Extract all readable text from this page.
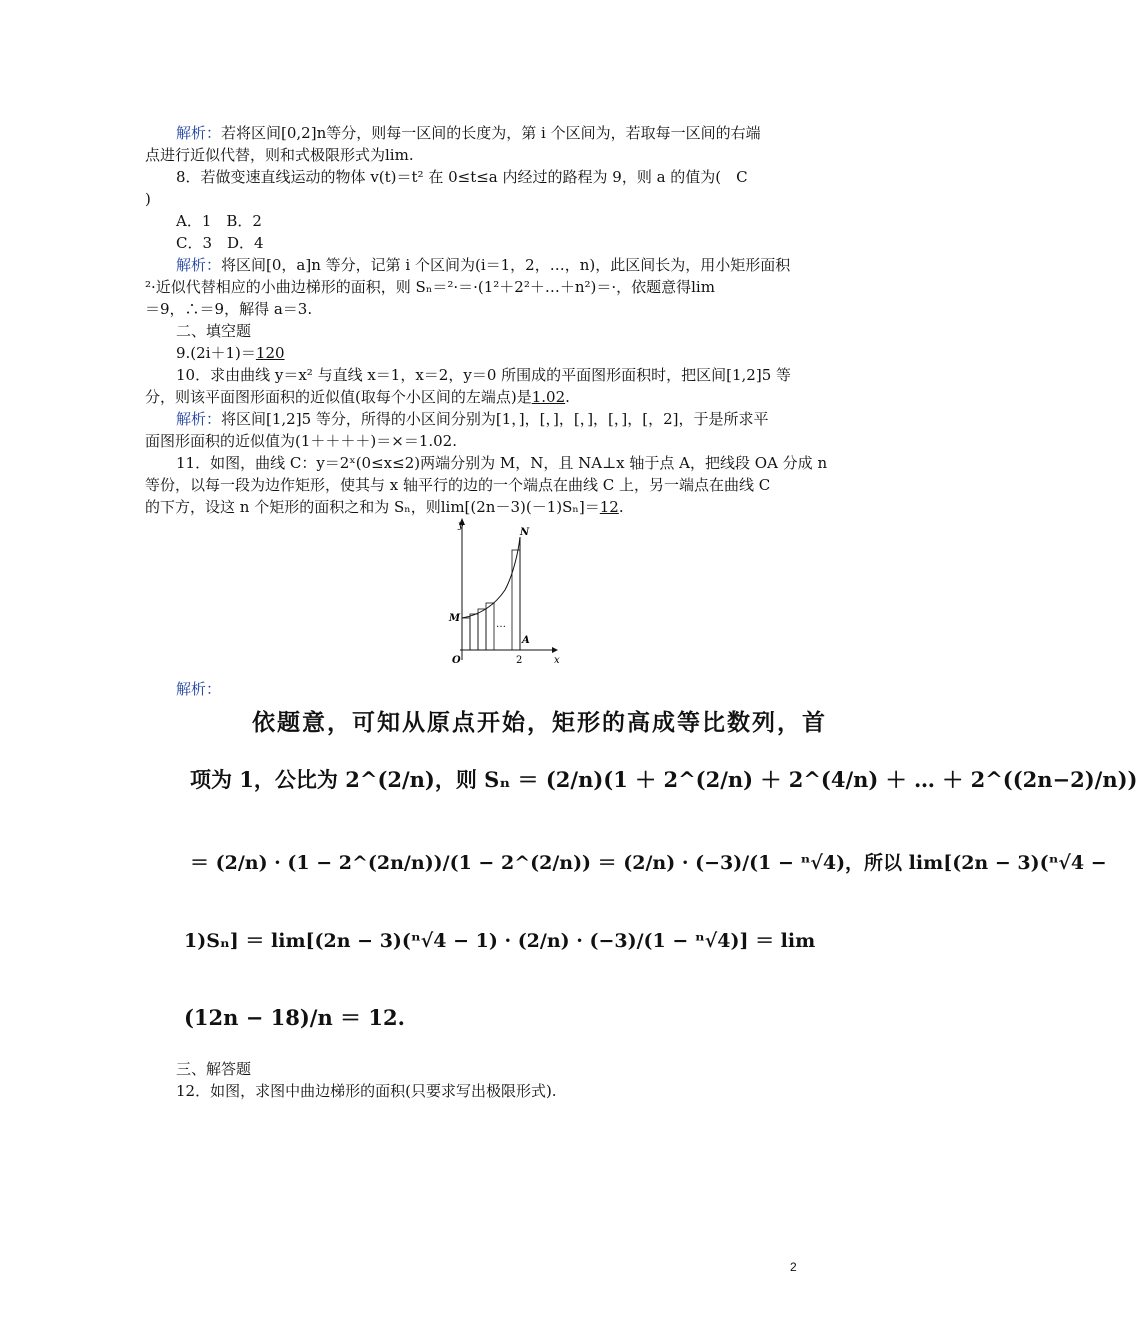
解析：若将区间[0,2]n等分，则每一区间的长度为，第 i 个区间为，若取每一区间的右端
点进行近似代替，则和式极限形式为lim.
8．若做变速直线运动的物体 v(t)＝t² 在 0≤t≤a 内经过的路程为 9，则 a 的值为(　C
)
A．1　B．2
C．3　D．4
解析：将区间[0，a]n 等分，记第 i 个区间为(i＝1，2，…，n)，此区间长为，用小矩形面积
²·近似代替相应的小曲边梯形的面积，则 Sₙ＝²·＝·(1²＋2²＋…＋n²)＝·，依题意得lim
＝9，∴＝9，解得 a＝3.
二、填空题
9.(2i＋1)＝120
10．求由曲线 y＝x² 与直线 x＝1，x＝2，y＝0 所围成的平面图形面积时，把区间[1,2]5 等
分，则该平面图形面积的近似值(取每个小区间的左端点)是1.02.
解析：将区间[1,2]5 等分，所得的小区间分别为[1，]，[，]，[，]，[，]，[，2]，于是所求平
面图形面积的近似值为(1＋＋＋＋)＝×＝1.02.
11．如图，曲线 C：y＝2ˣ(0≤x≤2)两端分别为 M，N，且 NA⊥x 轴于点 A，把线段 OA 分成 n
等份，以每一段为边作矩形，使其与 x 轴平行的边的一个端点在曲线 C 上，另一端点在曲线 C
的下方，设这 n 个矩形的面积之和为 Sₙ，则lim[(2n－3)(－1)Sₙ]＝12.
y
x
O
M
N
A
2
…
解析：
依题意，可知从原点开始，矩形的高成等比数列，首
项为 1，公比为 2^(2/n)，则 Sₙ ＝ (2/n)(1 ＋ 2^(2/n) ＋ 2^(4/n) ＋ … ＋ 2^((2n−2)/n))
＝ (2/n) · (1 − 2^(2n/n))/(1 − 2^(2/n)) ＝ (2/n) · (−3)/(1 − ⁿ√4)，所以 lim[(2n − 3)(ⁿ√4 −
1)Sₙ] ＝ lim[(2n − 3)(ⁿ√4 − 1) · (2/n) · (−3)/(1 − ⁿ√4)] ＝ lim
(12n − 18)/n ＝ 12.
三、解答题
12．如图，求图中曲边梯形的面积(只要求写出极限形式).
2
